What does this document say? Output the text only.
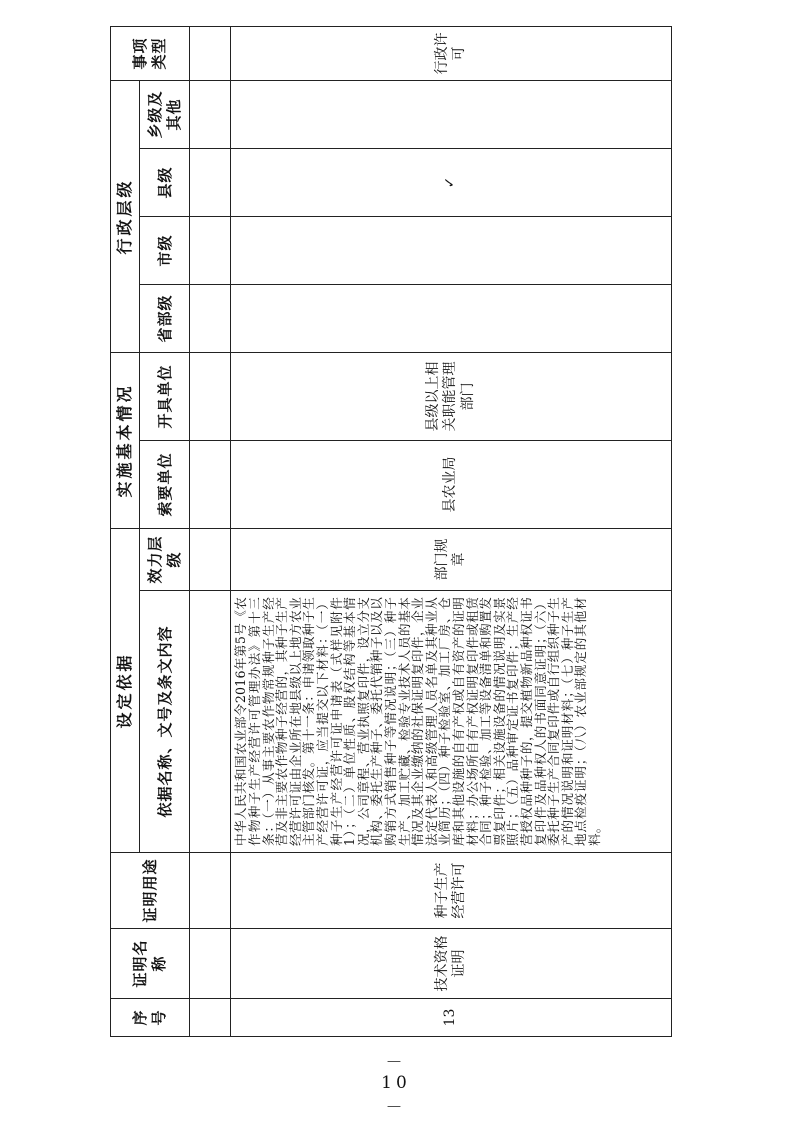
序号	证明名称	证明用途	设定依据		实施基本情况		行政层级				事项类型
			依据名称、文号及条文内容	效力层级	索要单位	开具单位	省部级	市级	县级	乡级及其他	

13	技术资格证明	种子生产经营许可	中华人民共和国农业部令2016年第5号《农作物种子生产经营许可管理办法》第十三条：（一）从事主要农作物常规种子生产经营及非主要农作物种子经营的，其种子生产经营许可证由企业所在地县级以上地方农业主管部门核发。第十一条：申请领取种子生产经营许可证，应当提交以下材料：（一）种子生产经营许可证申请表（式样见附件1）；（二）单位性质、股权结构等基本情况，公司章程、营业执照复印件，设立分支机构、委托生产种子、委托代销种子以及以购销方式销售种子等情况说明；（三）种子生产、加工贮藏、检验专业技术人员的基本情况及其企业缴纳的社保证明复印件，企业法定代表人和高级管理人员名单及其种业从业简历；（四）种子检验室、加工厂房、仓库和其他设施的自有产权或自有资产的证明材料；办公场所自有产权证明复印件或租赁合同；种子检验、加工等设备清单和购置发票复印件；相关设施设备的情况说明及实景照片；（五）品种审定证书复印件；生产经营授权品种种子的，提交植物新品种权证书复印件及品种权人的书面同意证明；（六）委托种子生产合同复印件或自行组织种子生产的情况说明和证明材料；（七）种子生产地点检疫证明；（八）农业部规定的其他材料。	部门规章	县农业局	县级以上相关职能管理部门			✓		行政许可
－ 10 －
